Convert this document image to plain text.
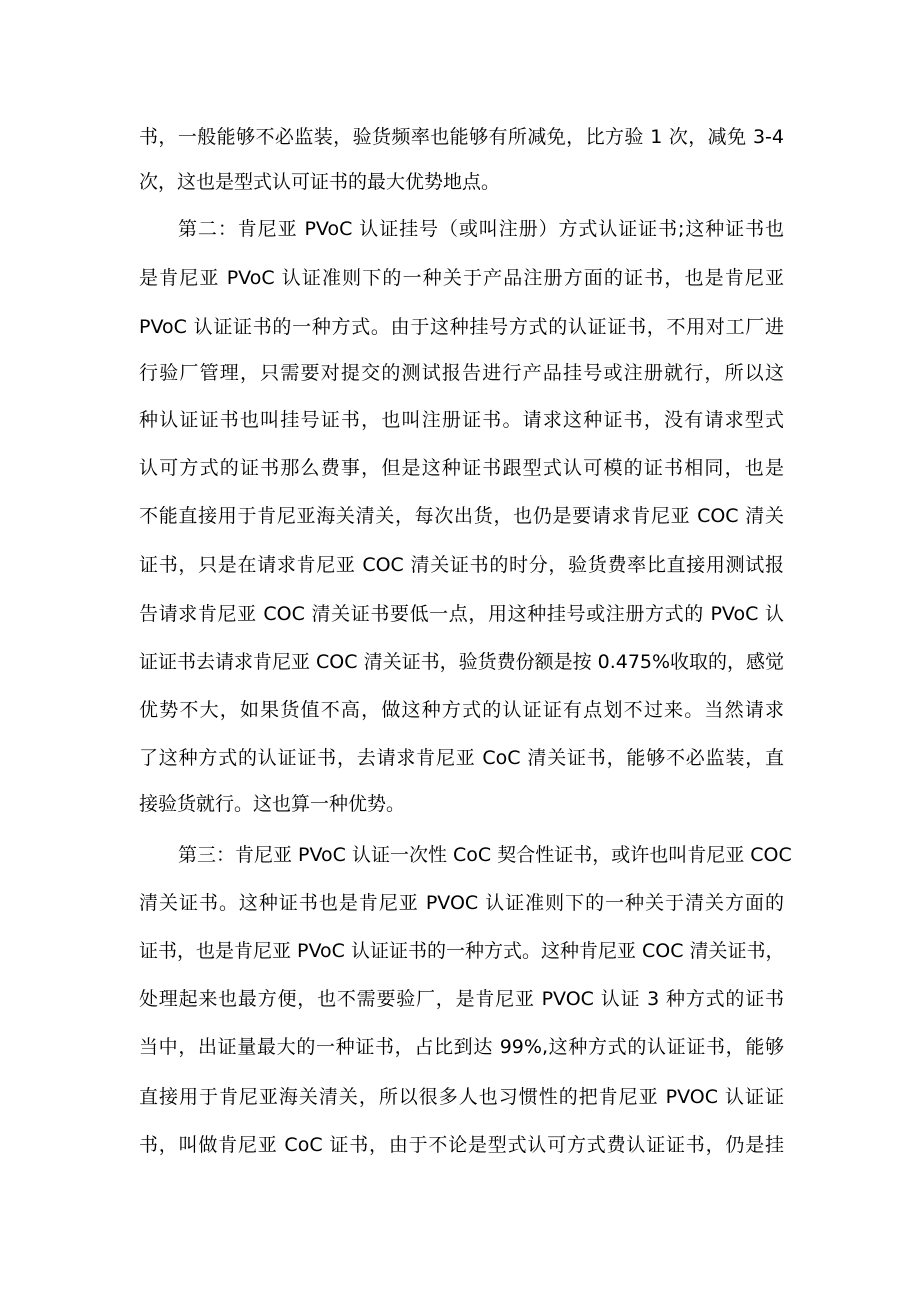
书，一般能够不必监装，验货频率也能够有所减免，比方验 1 次，减免 3-4
次，这也是型式认可证书的最大优势地点。
第二：肯尼亚 PVoC 认证挂号（或叫注册）方式认证证书;这种证书也
是肯尼亚 PVoC 认证准则下的一种关于产品注册方面的证书，也是肯尼亚
PVoC 认证证书的一种方式。由于这种挂号方式的认证证书，不用对工厂进
行验厂管理，只需要对提交的测试报告进行产品挂号或注册就行，所以这
种认证证书也叫挂号证书，也叫注册证书。请求这种证书，没有请求型式
认可方式的证书那么费事，但是这种证书跟型式认可模的证书相同，也是
不能直接用于肯尼亚海关清关，每次出货，也仍是要请求肯尼亚 COC 清关
证书，只是在请求肯尼亚 COC 清关证书的时分，验货费率比直接用测试报
告请求肯尼亚 COC 清关证书要低一点，用这种挂号或注册方式的 PVoC 认
证证书去请求肯尼亚 COC 清关证书，验货费份额是按 0.475%收取的，感觉
优势不大，如果货值不高，做这种方式的认证证有点划不过来。当然请求
了这种方式的认证证书，去请求肯尼亚 CoC 清关证书，能够不必监装，直
接验货就行。这也算一种优势。
第三：肯尼亚 PVoC 认证一次性 CoC 契合性证书，或许也叫肯尼亚 COC
清关证书。这种证书也是肯尼亚 PVOC 认证准则下的一种关于清关方面的
证书，也是肯尼亚 PVoC 认证证书的一种方式。这种肯尼亚 COC 清关证书，
处理起来也最方便，也不需要验厂，是肯尼亚 PVOC 认证 3 种方式的证书
当中，出证量最大的一种证书，占比到达 99%,这种方式的认证证书，能够
直接用于肯尼亚海关清关，所以很多人也习惯性的把肯尼亚 PVOC 认证证
书，叫做肯尼亚 CoC 证书，由于不论是型式认可方式费认证证书，仍是挂
